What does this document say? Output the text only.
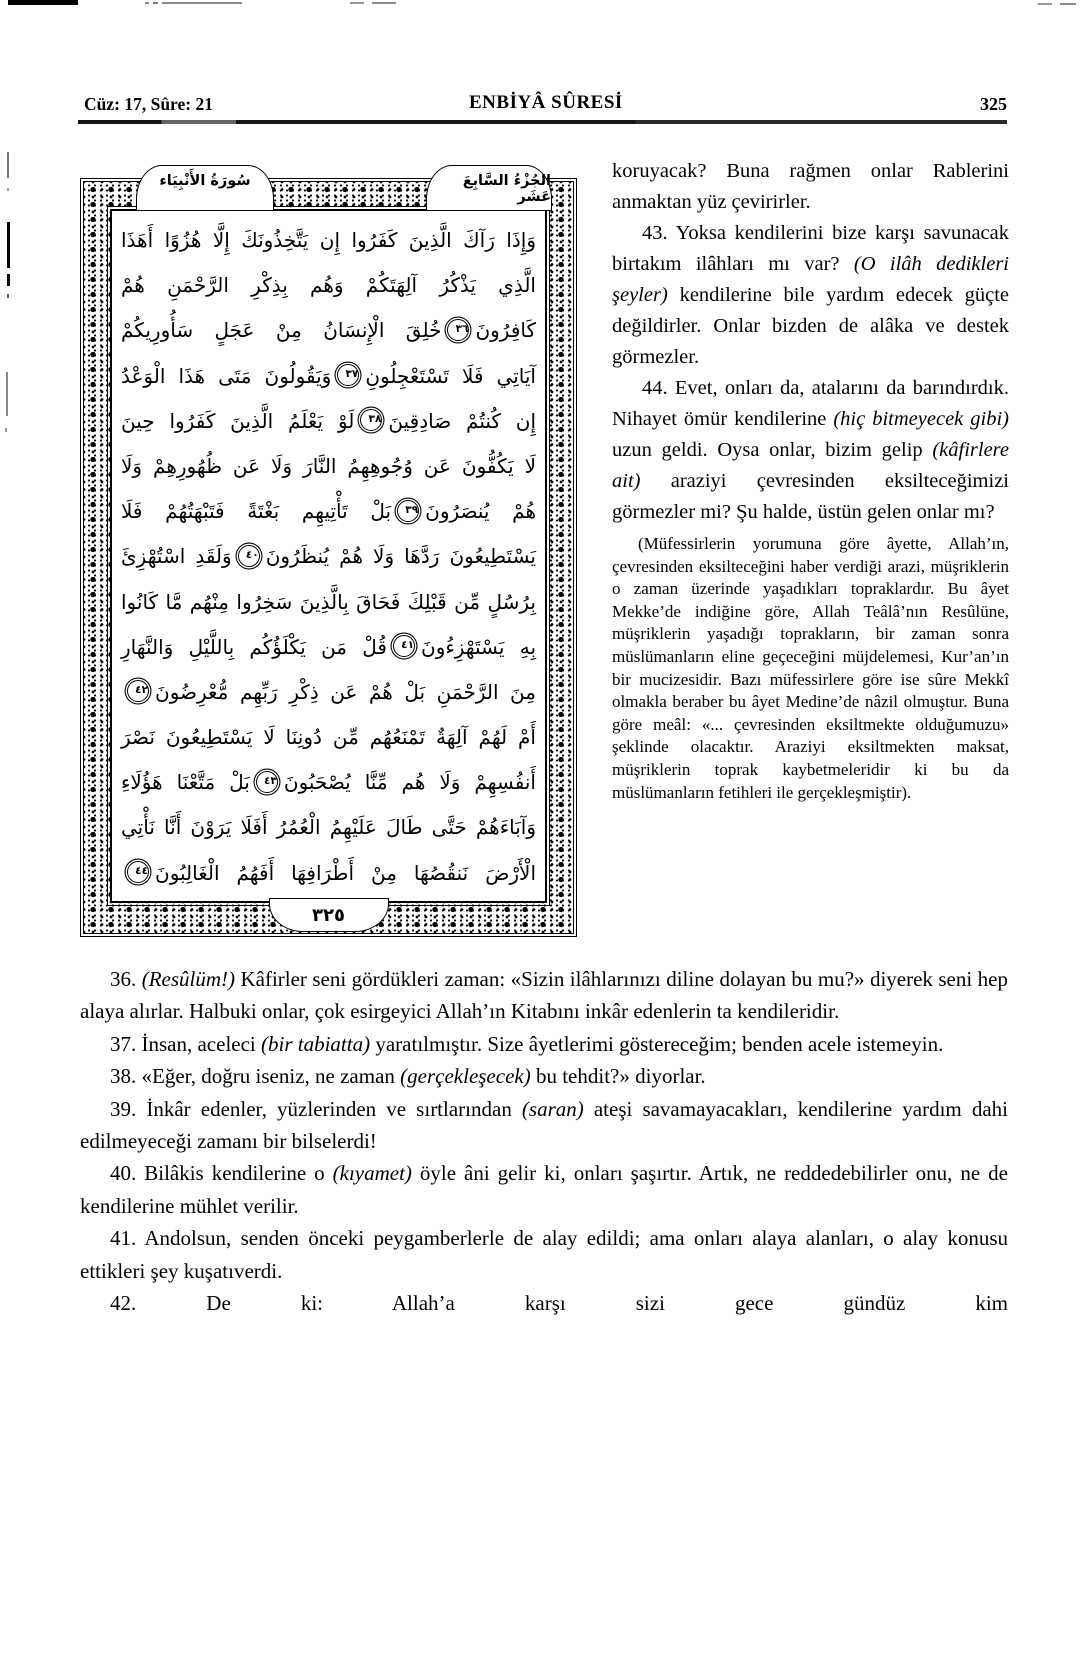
Cüz: 17, Sûre: 21	ENBİYÂ SÛRESİ	325
سُورَةُ الأَنْبِيَاء	الجُزْءُ السَّابِعَ عَشَر
وَإِذَا رَآكَ الَّذِينَ كَفَرُوا إِن يَتَّخِذُونَكَ إِلَّا هُزُوًا أَهَذَا
الَّذِي يَذْكُرُ آلِهَتَكُمْ وَهُم بِذِكْرِ الرَّحْمَنِ هُمْ
كَافِرُونَ٣٦خُلِقَ الْإِنسَانُ مِنْ عَجَلٍ سَأُورِيكُمْ
آيَاتِي فَلَا تَسْتَعْجِلُونِ٣٧وَيَقُولُونَ مَتَى هَذَا الْوَعْدُ
إِن كُنتُمْ صَادِقِينَ٣٨لَوْ يَعْلَمُ الَّذِينَ كَفَرُوا حِينَ
لَا يَكُفُّونَ عَن وُجُوهِهِمُ النَّارَ وَلَا عَن ظُهُورِهِمْ وَلَا
هُمْ يُنصَرُونَ٣٩بَلْ تَأْتِيهِم بَغْتَةً فَتَبْهَتُهُمْ فَلَا
يَسْتَطِيعُونَ رَدَّهَا وَلَا هُمْ يُنظَرُونَ٤٠وَلَقَدِ اسْتُهْزِئَ
بِرُسُلٍ مِّن قَبْلِكَ فَحَاقَ بِالَّذِينَ سَخِرُوا مِنْهُم مَّا كَانُوا
بِهِ يَسْتَهْزِءُونَ٤١قُلْ مَن يَكْلَؤُكُم بِاللَّيْلِ وَالنَّهَارِ
مِنَ الرَّحْمَنِ بَلْ هُمْ عَن ذِكْرِ رَبِّهِم مُّعْرِضُونَ٤٢
أَمْ لَهُمْ آلِهَةٌ تَمْنَعُهُم مِّن دُونِنَا لَا يَسْتَطِيعُونَ نَصْرَ
أَنفُسِهِمْ وَلَا هُم مِّنَّا يُصْحَبُونَ٤٣بَلْ مَتَّعْنَا هَؤُلَاءِ
وَآبَاءَهُمْ حَتَّى طَالَ عَلَيْهِمُ الْعُمُرُ أَفَلَا يَرَوْنَ أَنَّا نَأْتِي
الْأَرْضَ نَنقُصُهَا مِنْ أَطْرَافِهَا أَفَهُمُ الْغَالِبُونَ٤٤
٣٢٥

koruyacak? Buna rağmen onlar Rablerini anmaktan yüz çevirirler.

43. Yoksa kendilerini bize karşı savunacak birtakım ilâhları mı var? (O ilâh dedikleri şeyler) kendilerine bile yardım edecek güçte değildirler. Onlar bizden de alâka ve destek görmezler.

44. Evet, onları da, atalarını da barındırdık. Nihayet ömür kendilerine (hiç bitmeyecek gibi) uzun geldi. Oysa onlar, bizim gelip (kâfirlere ait) araziyi çevresinden eksilteceğimizi görmezler mi? Şu halde, üstün gelen onlar mı?

(Müfessirlerin yorumuna göre âyette, Allah’ın, çevresinden eksilteceğini haber verdiği arazi, müşriklerin o zaman üzerinde yaşadıkları topraklardır. Bu âyet Mekke’de indiğine göre, Allah Teâlâ’nın Resûlüne, müşriklerin yaşadığı toprakların, bir zaman sonra müslümanların eline geçeceğini müjdelemesi, Kur’an’ın bir mucizesidir. Bazı müfessirlere göre ise sûre Mekkî olmakla beraber bu âyet Medine’de nâzil olmuştur. Buna göre meâl: «... çevresinden eksiltmekte olduğumuzu» şeklinde olacaktır. Araziyi eksiltmekten maksat, müşriklerin toprak kaybetmeleridir ki bu da müslümanların fetihleri ile gerçekleşmiştir).

36. (Resûlüm!) Kâfirler seni gördükleri zaman: «Sizin ilâhlarınızı diline dolayan bu mu?» diyerek seni hep alaya alırlar. Halbuki onlar, çok esirgeyici Allah’ın Kitabını inkâr edenlerin ta kendileridir.

37. İnsan, aceleci (bir tabiatta) yaratılmıştır. Size âyetlerimi göstereceğim; benden acele istemeyin.

38. «Eğer, doğru iseniz, ne zaman (gerçekleşecek) bu tehdit?» diyorlar.

39. İnkâr edenler, yüzlerinden ve sırtlarından (saran) ateşi savamayacakları, kendilerine yardım dahi edilmeyeceği zamanı bir bilselerdi!

40. Bilâkis kendilerine o (kıyamet) öyle âni gelir ki, onları şaşırtır. Artık, ne reddedebilirler onu, ne de kendilerine mühlet verilir.

41. Andolsun, senden önceki peygamberlerle de alay edildi; ama onları alaya alanları, o alay konusu ettikleri şey kuşatıverdi.

42. De ki: Allah’a karşı sizi gece gündüz kim
